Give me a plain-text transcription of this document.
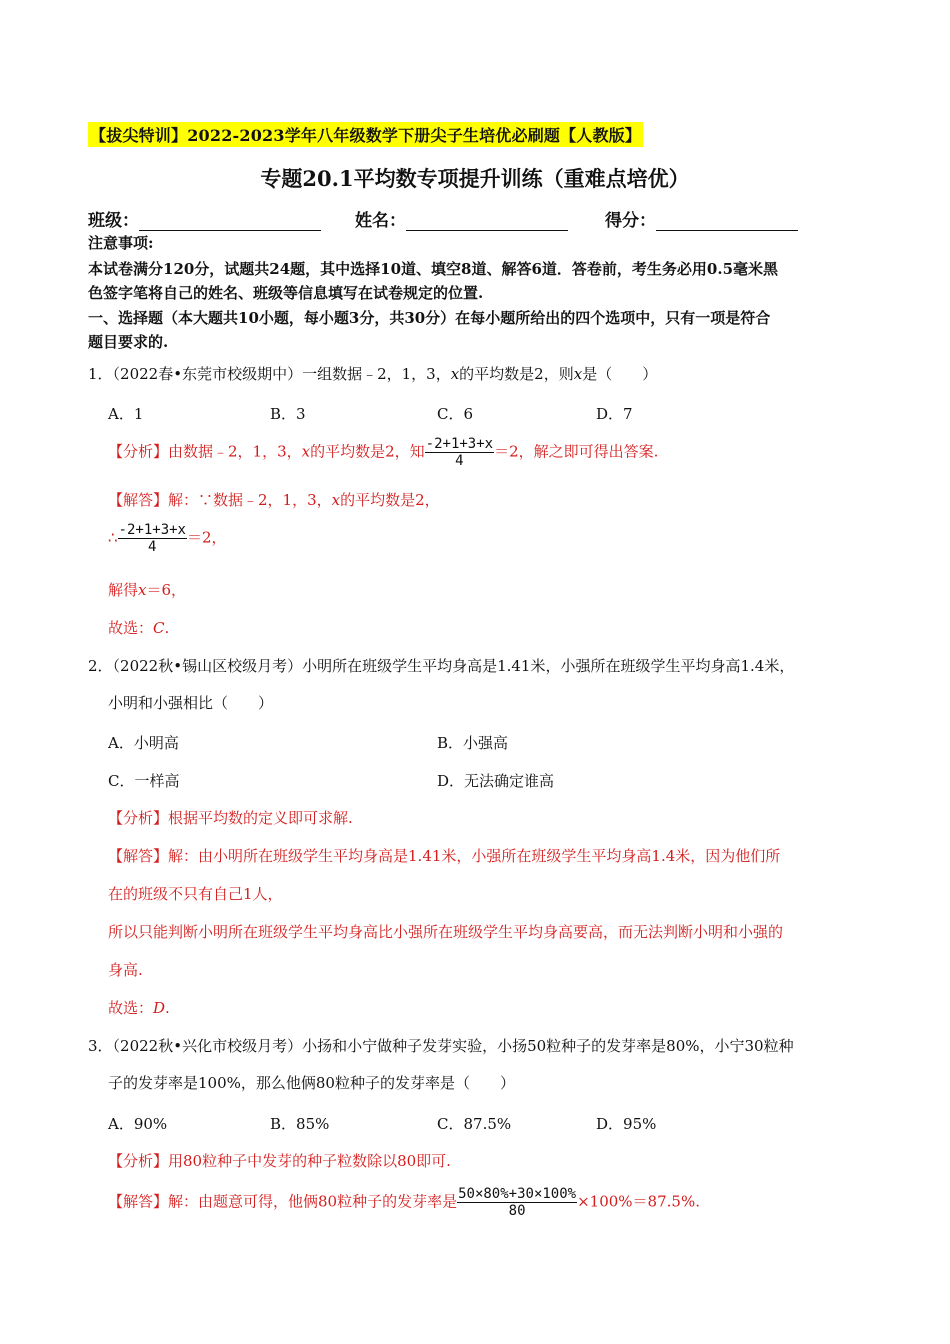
【拔尖特训】2022-2023学年八年级数学下册尖子生培优必刷题【人教版】
专题20.1平均数专项提升训练（重难点培优）
班级：	姓名：	得分：
注意事项:
本试卷满分120分，试题共24题，其中选择10道、填空8道、解答6道．答卷前，考生务必用0.5毫米黑
色签字笔将自己的姓名、班级等信息填写在试卷规定的位置.
一、选择题（本大题共10小题，每小题3分，共30分）在每小题所给出的四个选项中，只有一项是符合
题目要求的.
1．（2022春•东莞市校级期中）一组数据﹣2，1，3，x的平均数是2，则x是（　　）
A．1	B．3	C．6	D．7
【分析】由数据﹣2，1，3，x的平均数是2，知 $\frac{-2+1+3+x}{4} =2$，解之即可得出答案.
【解答】解：∵数据﹣2，1，3，x的平均数是2，
∴ $\frac{-2+1+3+x}{4} =2$，
解得x＝6，
故选：C.
2．（2022秋•锡山区校级月考）小明所在班级学生平均身高是1.41米，小强所在班级学生平均身高1.4米，
小明和小强相比（　　）
A．小明高	B．小强高
C．一样高	D．无法确定谁高
【分析】根据平均数的定义即可求解.
【解答】解：由小明所在班级学生平均身高是1.41米，小强所在班级学生平均身高1.4米，因为他们所
在的班级不只有自己1人，
所以只能判断小明所在班级学生平均身高比小强所在班级学生平均身高要高，而无法判断小明和小强的
身高.
故选：D.
3．（2022秋•兴化市校级月考）小扬和小宁做种子发芽实验，小扬50粒种子的发芽率是80%，小宁30粒种
子的发芽率是100%，那么他俩80粒种子的发芽率是（　　）
A．90%	B．85%	C．87.5%	D．95%
【分析】用80粒种子中发芽的种子粒数除以80即可.
【解答】解：由题意可得，他俩80粒种子的发芽率是 $\frac{50\times 80\%+30\times 100\%}{80} \times 100\%=87.5\%$.
